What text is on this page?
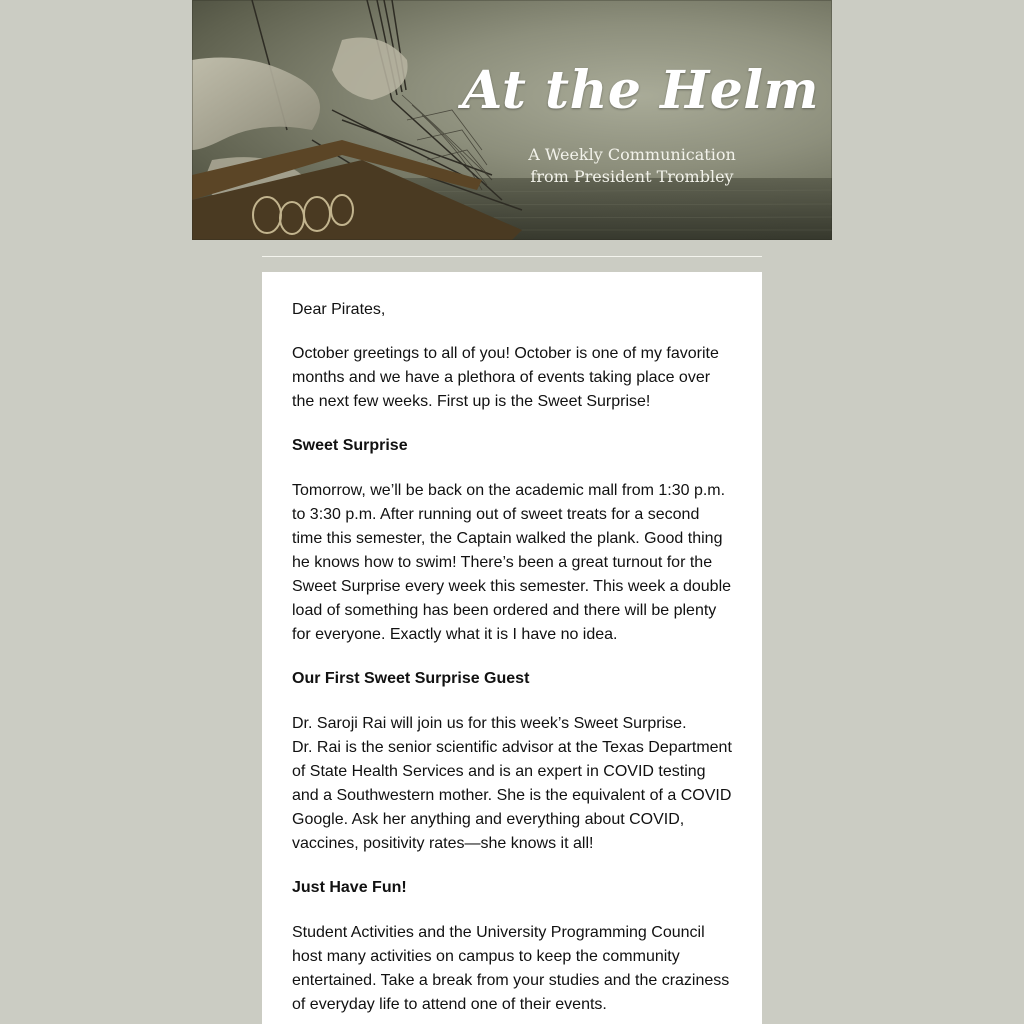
At the Helm
A Weekly Communication
from President Trombley

Dear Pirates,

October greetings to all of you! October is one of my favorite months and we have a plethora of events taking place over the next few weeks. First up is the Sweet Surprise!

Sweet Surprise

Tomorrow, we’ll be back on the academic mall from 1:30 p.m. to 3:30 p.m. After running out of sweet treats for a second time this semester, the Captain walked the plank. Good thing he knows how to swim! There’s been a great turnout for the Sweet Surprise every week this semester. This week a double load of something has been ordered and there will be plenty for everyone. Exactly what it is I have no idea.

Our First Sweet Surprise Guest

Dr. Saroji Rai will join us for this week’s Sweet Surprise.
Dr. Rai is the senior scientific advisor at the Texas Department of State Health Services and is an expert in COVID testing and a Southwestern mother. She is the equivalent of a COVID Google. Ask her anything and everything about COVID, vaccines, positivity rates—she knows it all!

Just Have Fun!

Student Activities and the University Programming Council host many activities on campus to keep the community entertained. Take a break from your studies and the craziness of everyday life to attend one of their events.
